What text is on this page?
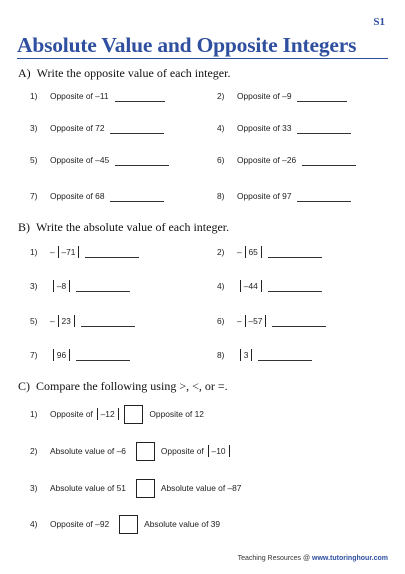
S1
Absolute Value and Opposite Integers
A) Write the opposite value of each integer.
1)	Opposite of –11	2)	Opposite of –9
3)	Opposite of 72	4)	Opposite of 33
5)	Opposite of –45	6)	Opposite of –26
7)	Opposite of 68	8)	Opposite of 97
B) Write the absolute value of each integer.
1)	– –71	2)	– 65
3)	–8	4)	–44
5)	– 23	6)	– –57
7)	96	8)	3
C) Compare the following using >, <, or =.
1)	Opposite of –12	Opposite of 12
2)	Absolute value of –6	Opposite of –10
3)	Absolute value of 51	Absolute value of –87
4)	Opposite of –92	Absolute value of 39
Teaching Resources @ www.tutoringhour.com
